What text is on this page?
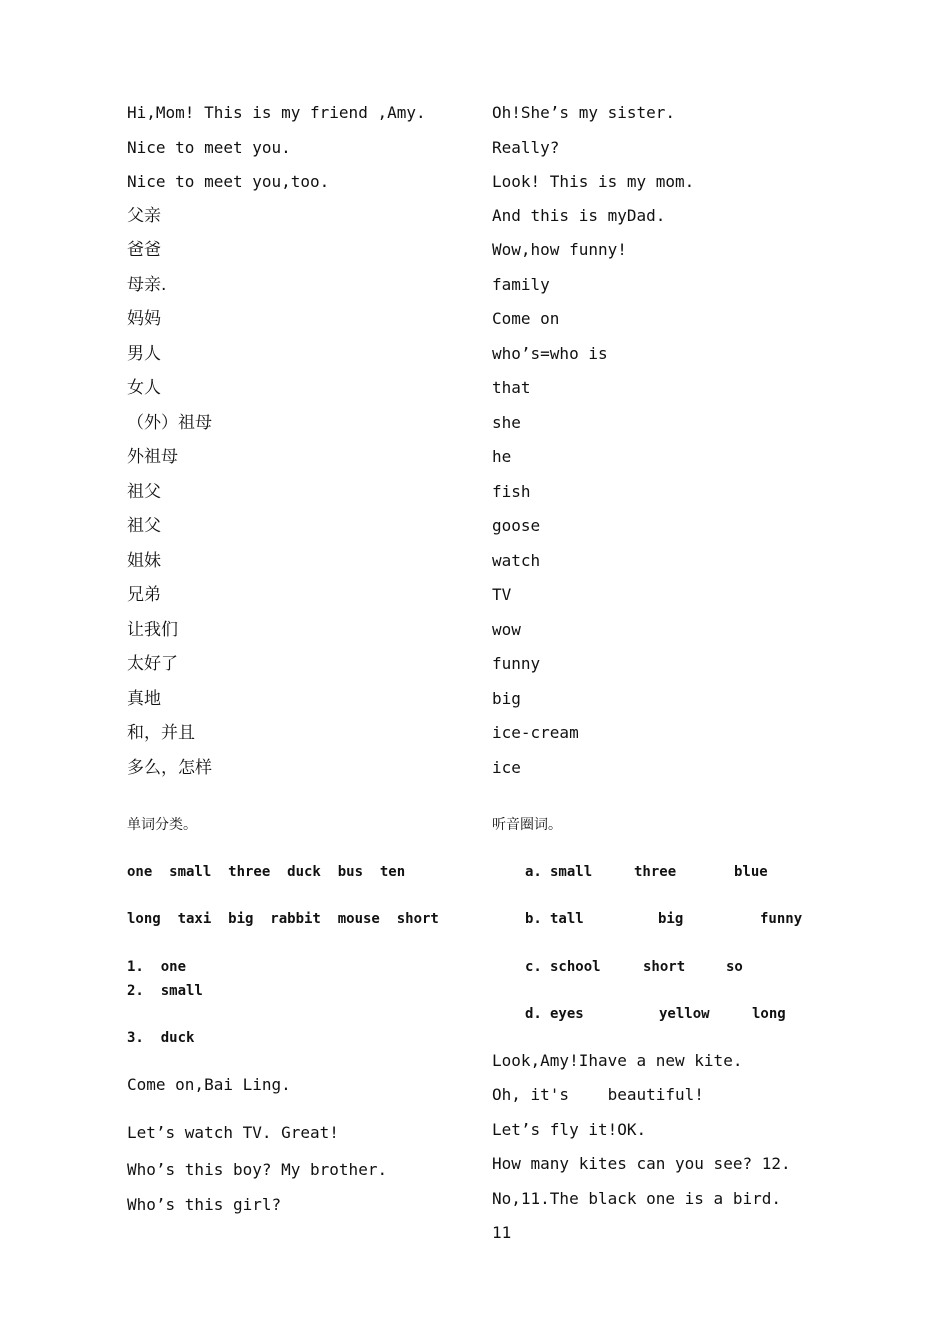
Hi,Mom! This is my friend ,Amy.
Nice to meet you.
Nice to meet you,too.
父亲
爸爸
母亲.
妈妈
男人
女人
（外）祖母
外祖母
祖父
祖父
姐妹
兄弟
让我们
太好了
真地
和，并且
多么，怎样
单词分类。
one  small  three  duck  bus  ten
long  taxi  big  rabbit  mouse  short
1.  one
2.  small
3.  duck
Come on,Bai Ling.
Let’s watch TV. Great!
Who’s this boy? My brother.
Who’s this girl?
Oh!She’s my sister.
Really?
Look! This is my mom.
And this is myDad.
Wow,how funny!
family
Come on
who’s=who is
that
she
he
fish
goose
watch
TV
wow
funny
big
ice-cream
ice
听音圈词。
a. small	three	blue
b. tall	big	funny
c. school	short	so
d. eyes	yellow	long
Look,Amy!Ihave a new kite.
Oh, it's    beautiful!
Let’s fly it!OK.
How many kites can you see? 12.
No,11.The black one is a bird.
11
